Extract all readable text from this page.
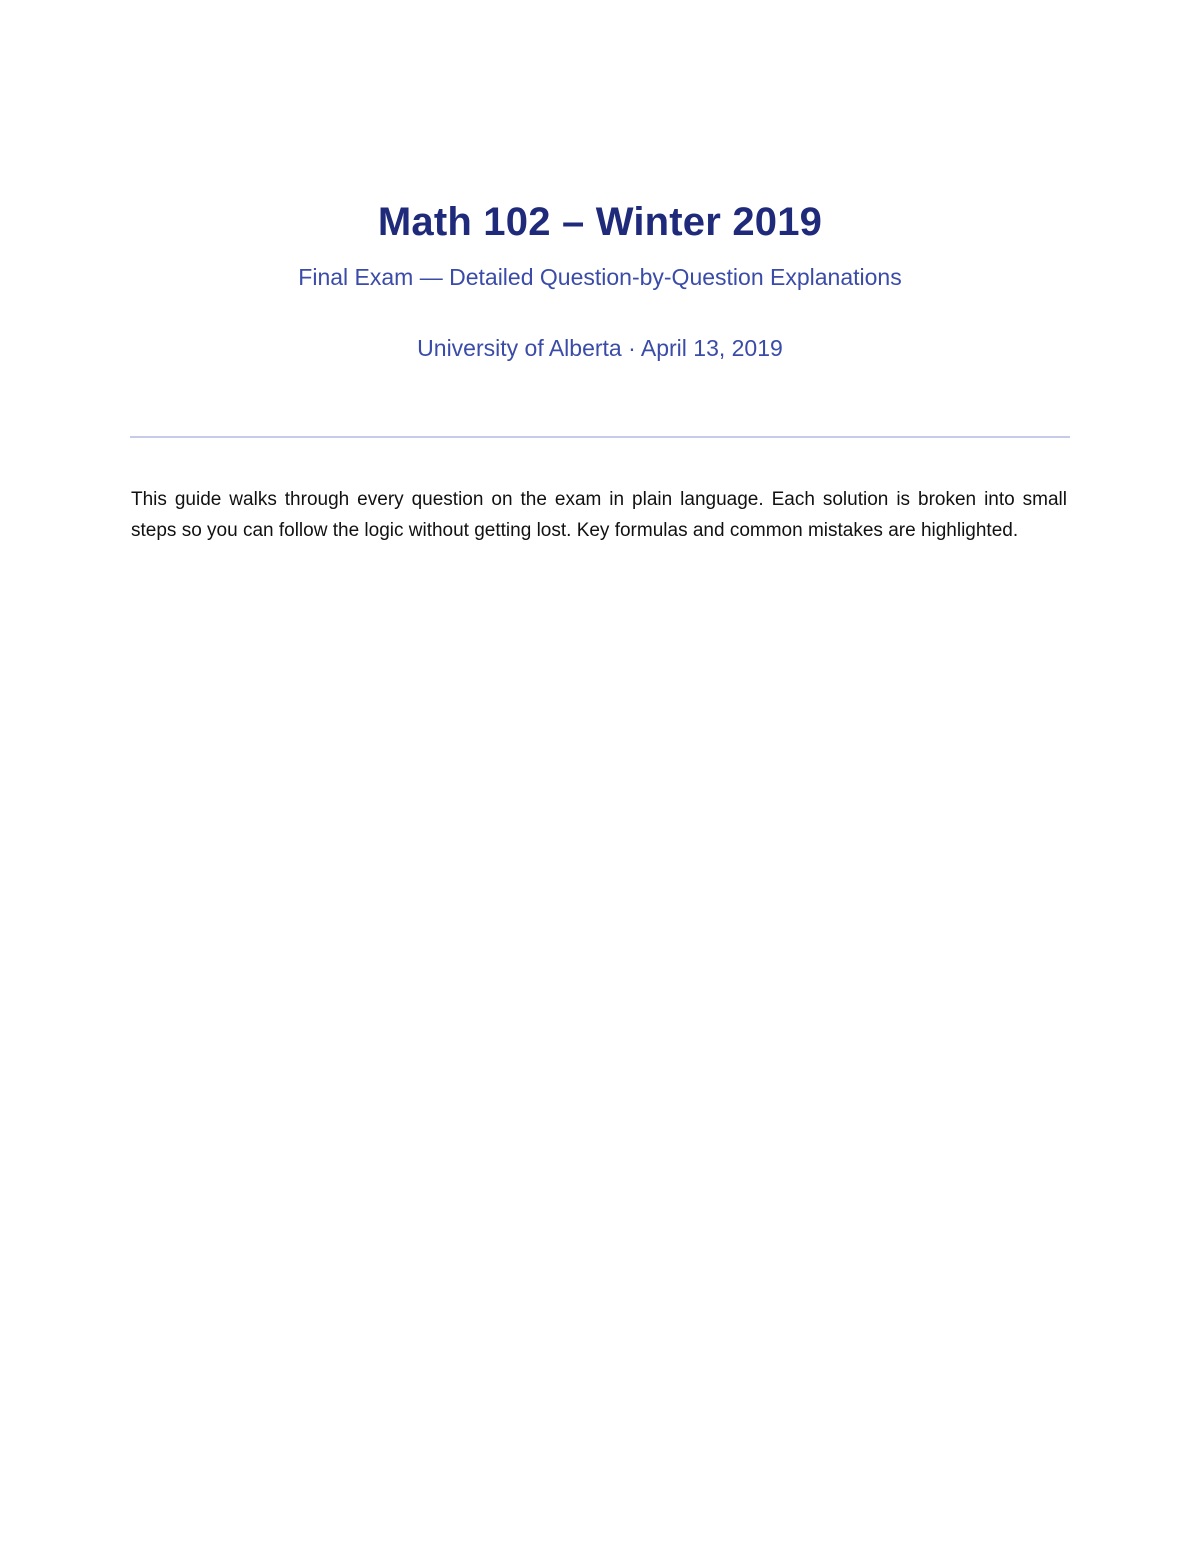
Math 102 – Winter 2019

Final Exam — Detailed Question-by-Question Explanations

University of Alberta · April 13, 2019

This guide walks through every question on the exam in plain language. Each solution is broken into small steps so you can follow the logic without getting lost. Key formulas and common mistakes are highlighted.
